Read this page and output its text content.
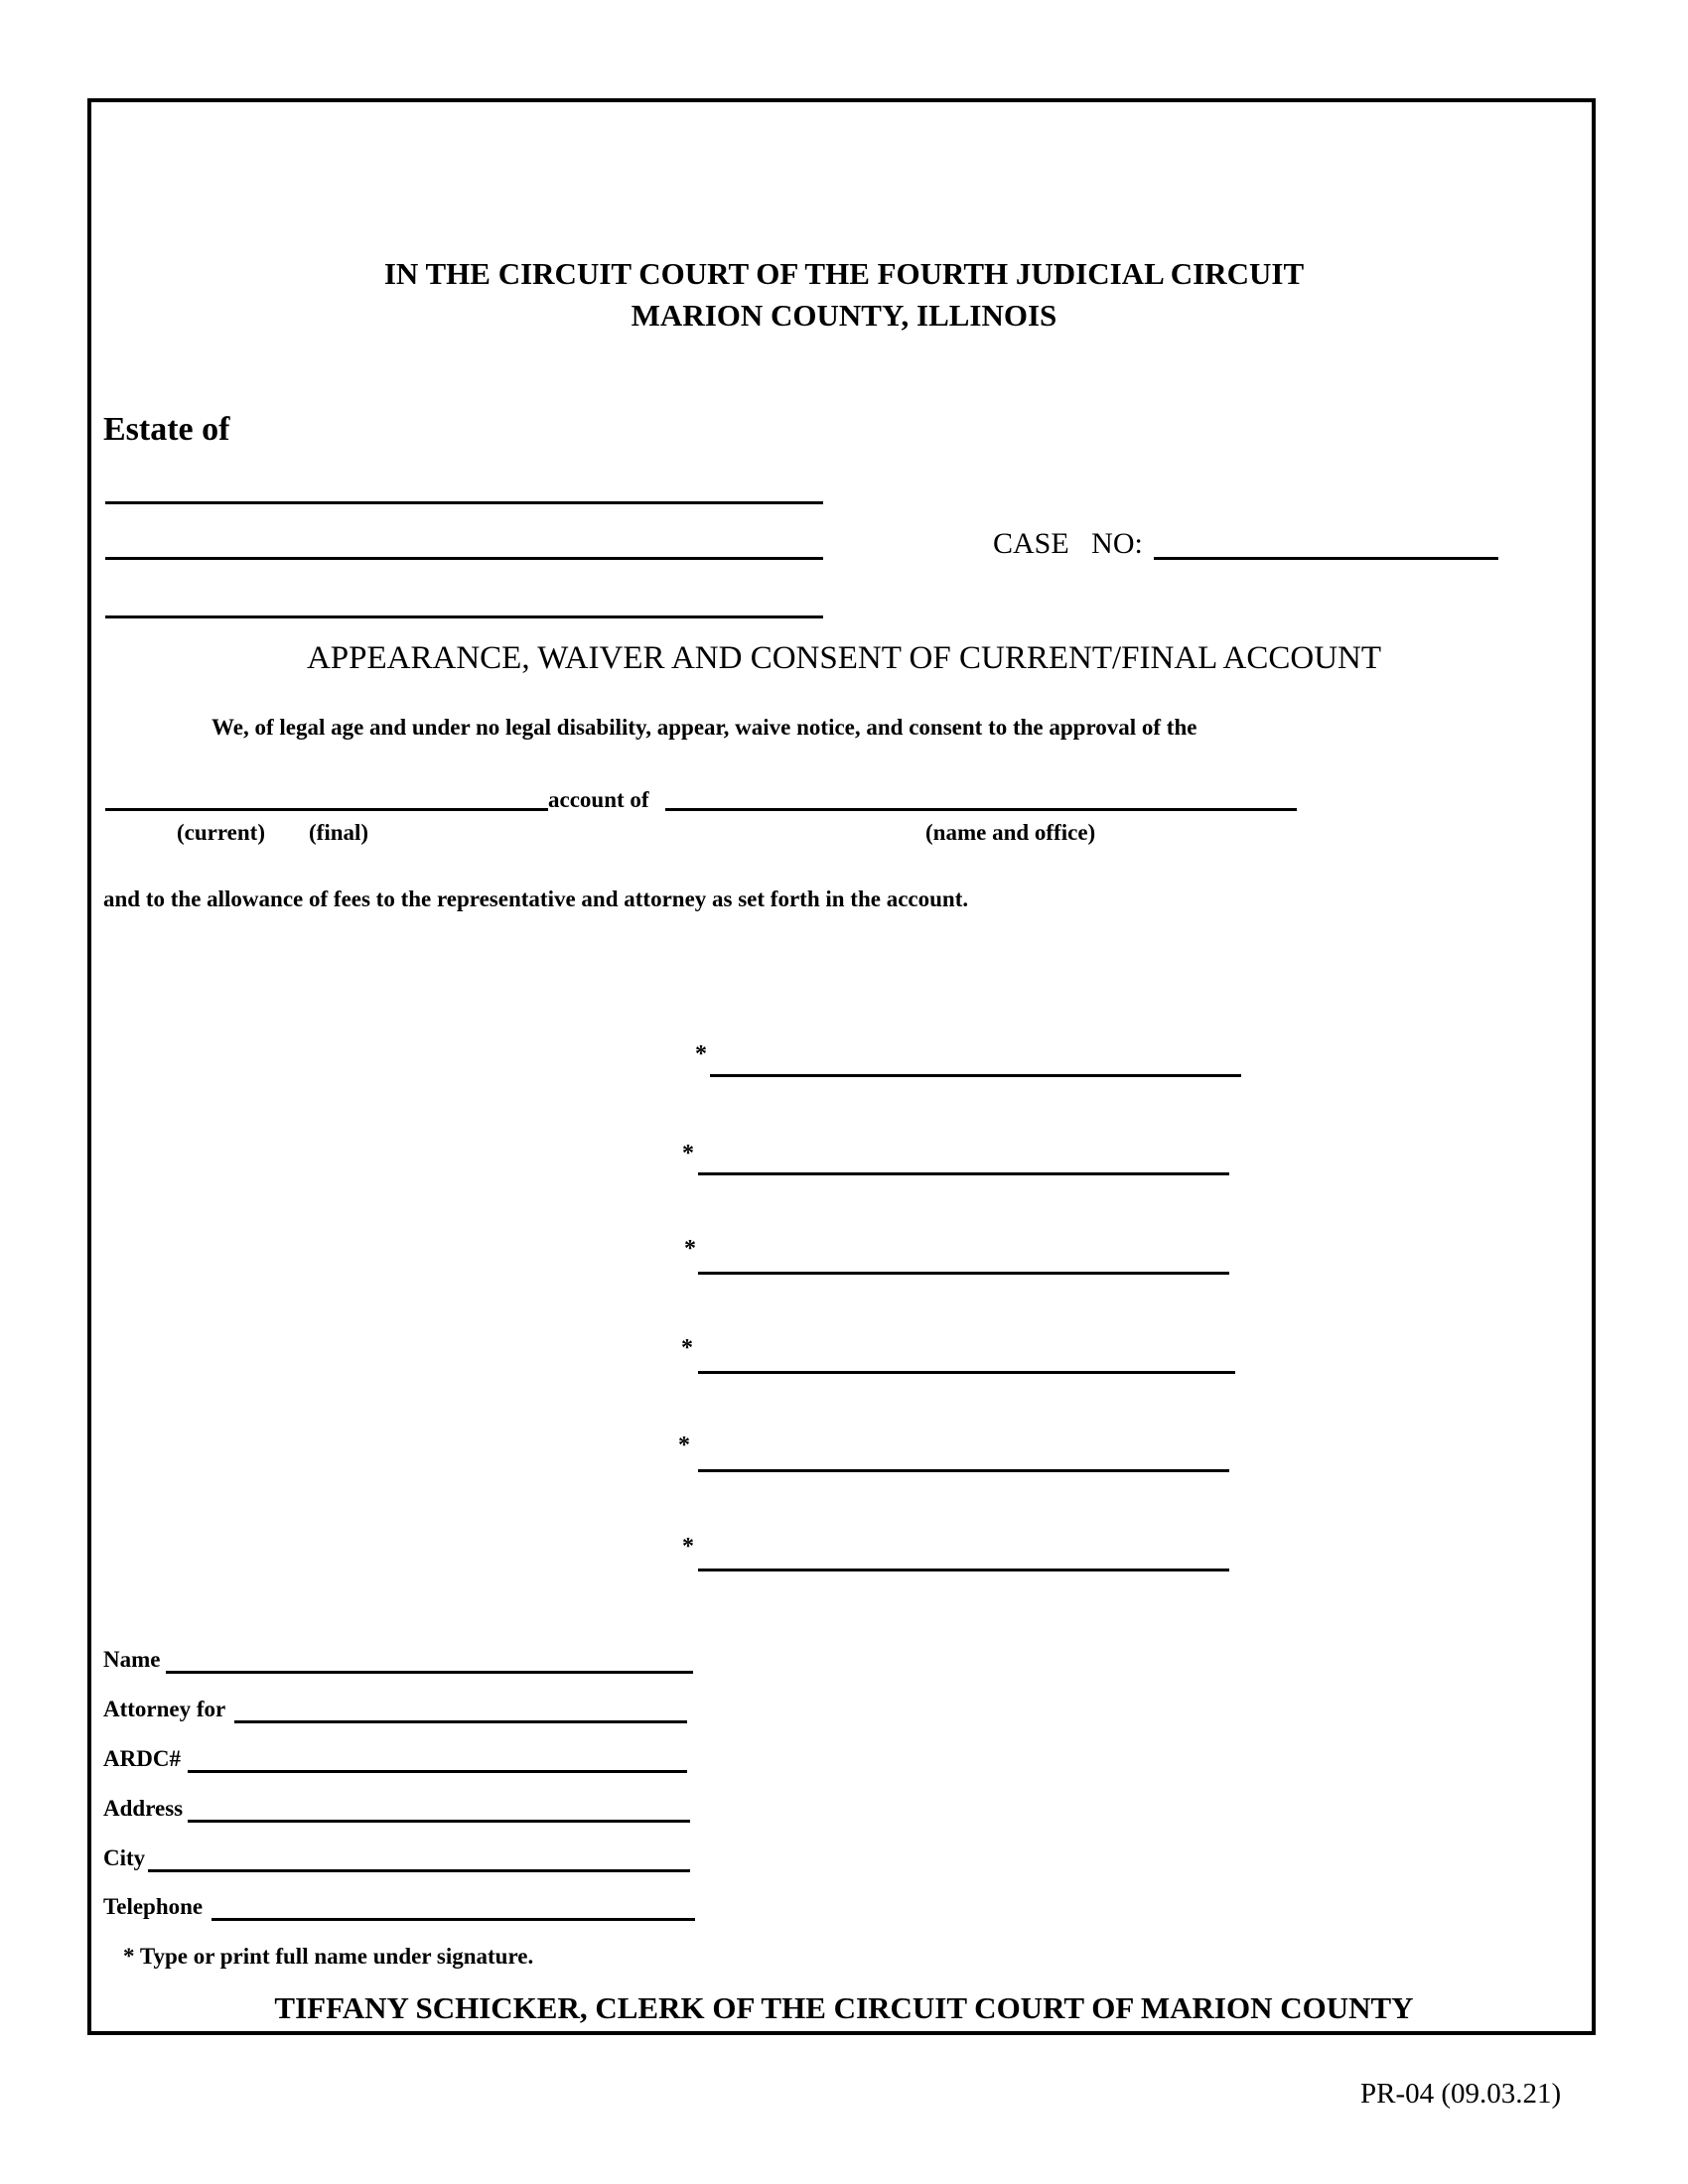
IN THE CIRCUIT COURT OF THE FOURTH JUDICIAL CIRCUIT
MARION COUNTY, ILLINOIS
Estate of
CASE   NO:
APPEARANCE, WAIVER AND CONSENT OF CURRENT/FINAL ACCOUNT
We, of legal age and under no legal disability, appear, waive notice, and consent to the approval of the
account of
(current) (final)	(name and office)
and to the allowance of fees to the representative and attorney as set forth in the account.
*
*
*
*
*
*
Name
Attorney for
ARDC#
Address
City
Telephone
* Type or print full name under signature.
TIFFANY SCHICKER, CLERK OF THE CIRCUIT COURT OF MARION COUNTY
PR-04 (09.03.21)
